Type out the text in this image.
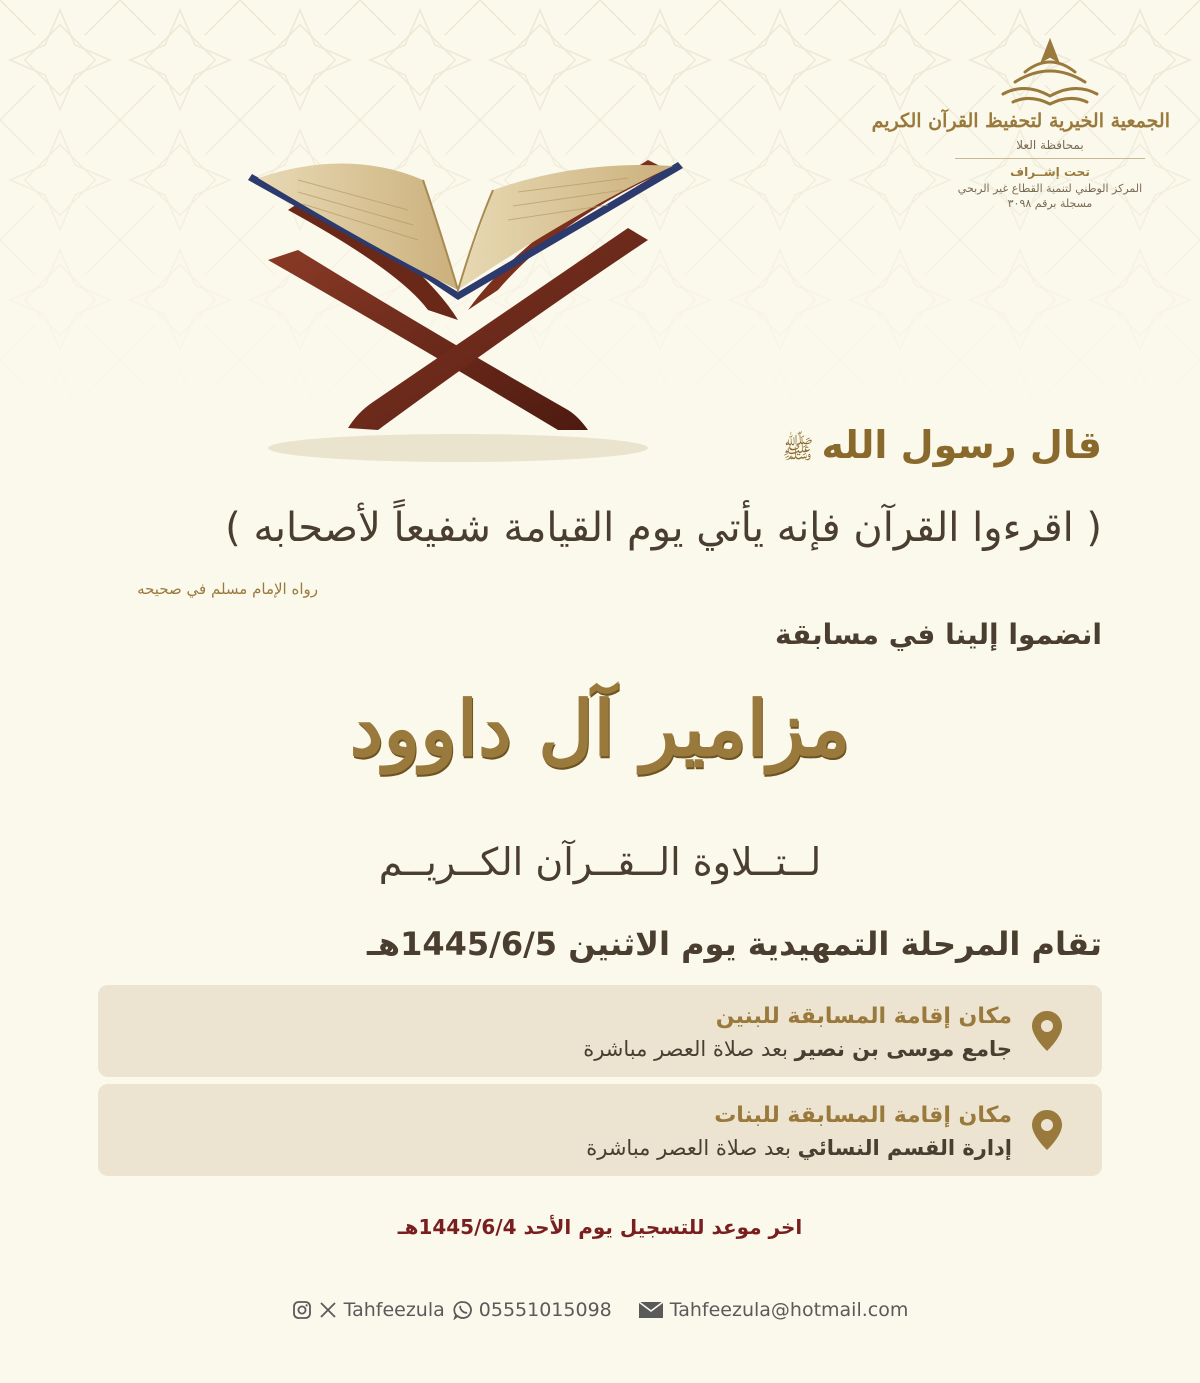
الجمعية الخيرية لتحفيظ القرآن الكريم
بمحافظة العلا
تحت إشــراف
المركز الوطني لتنمية القطاع غير الربحي
مسجلة برقم ٣٠٩٨
قال رسول اللهﷺ
( اقرءوا القرآن فإنه يأتي يوم القيامة شفيعاً لأصحابه )
رواه الإمام مسلم في صحيحه
انضموا إلينا في مسابقة
مزامير آل داوود
لــتــلاوة الــقــرآن الكــريــم
تقام المرحلة التمهيدية يوم الاثنين 1445/6/5هـ
مكان إقامة المسابقة للبنين
جامع موسى بن نصير بعد صلاة العصر مباشرة
مكان إقامة المسابقة للبنات
إدارة القسم النسائي بعد صلاة العصر مباشرة
اخر موعد للتسجيل يوم الأحد 1445/6/4هـ
Tahfeezula 05551015098	Tahfeezula@hotmail.com
